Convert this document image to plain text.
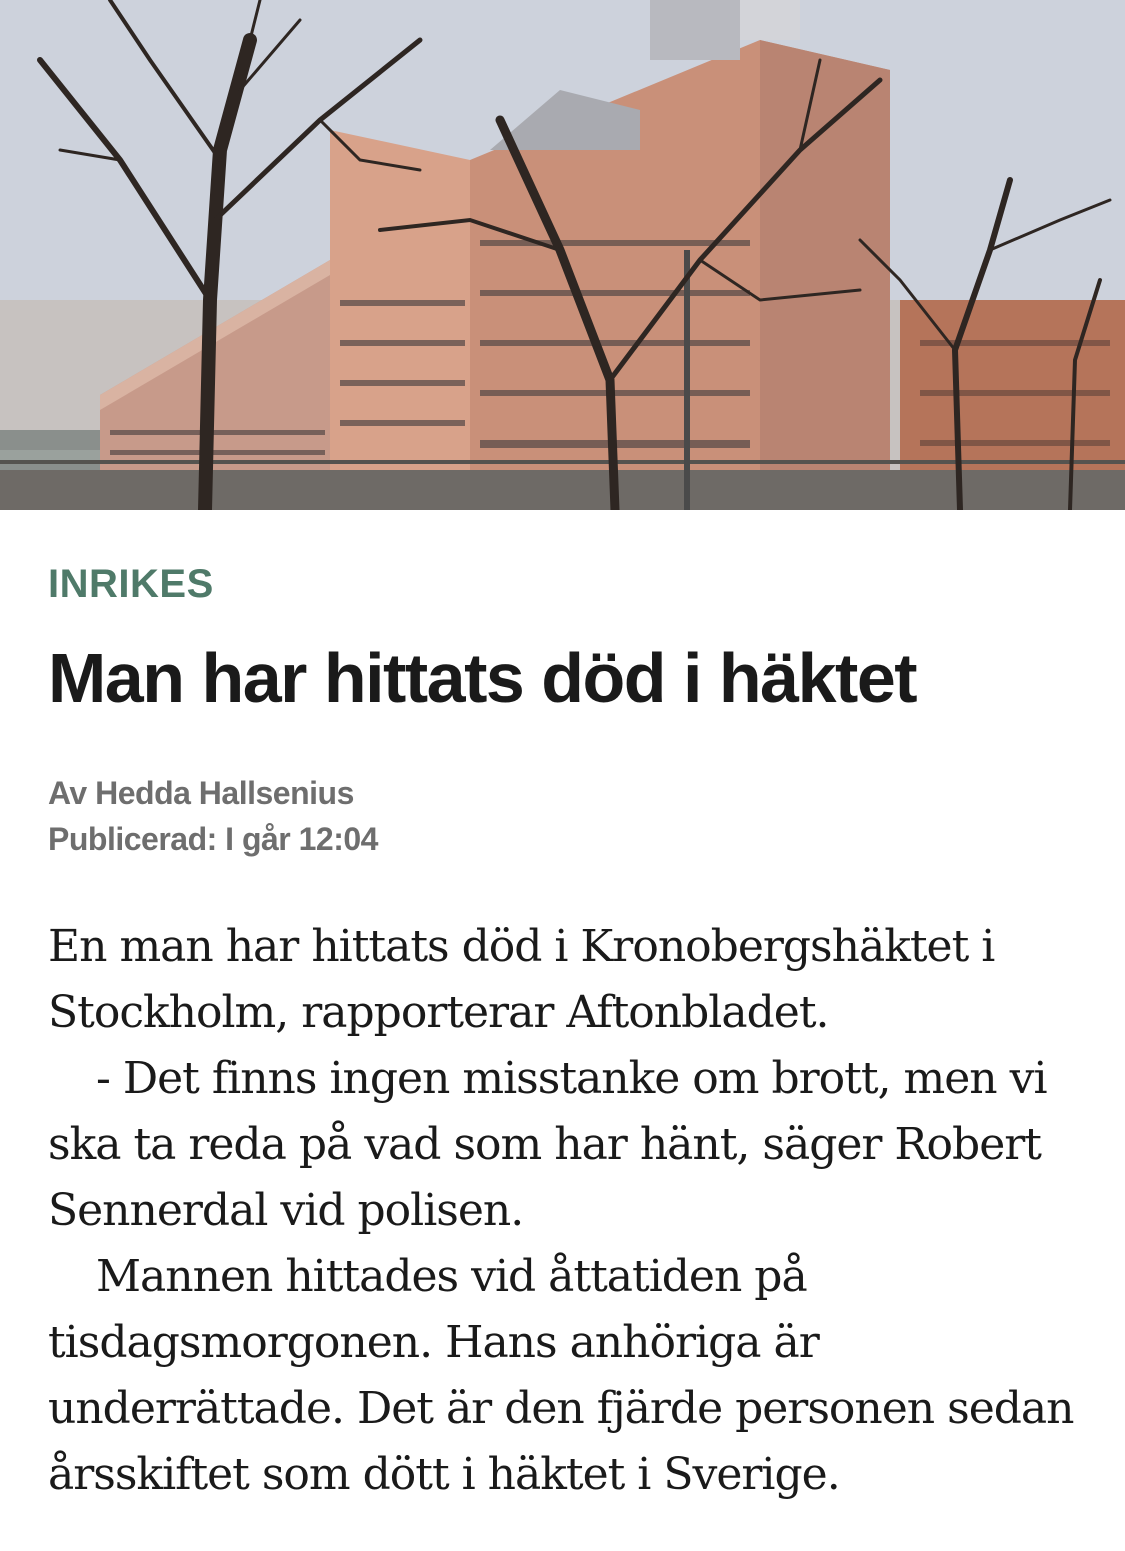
INRIKES
Man har hittats död i häktet
Av Hedda Hallsenius
Publicerad: I går 12:04

En man har hittats död i Kronobergshäktet i Stockholm, rapporterar Aftonbladet.

- Det finns ingen misstanke om brott, men vi ska ta reda på vad som har hänt, säger Robert Sennerdal vid polisen.

Mannen hittades vid åttatiden på tisdagsmorgonen. Hans anhöriga är underrättade. Det är den fjärde personen sedan årsskiftet som dött i häktet i Sverige.
